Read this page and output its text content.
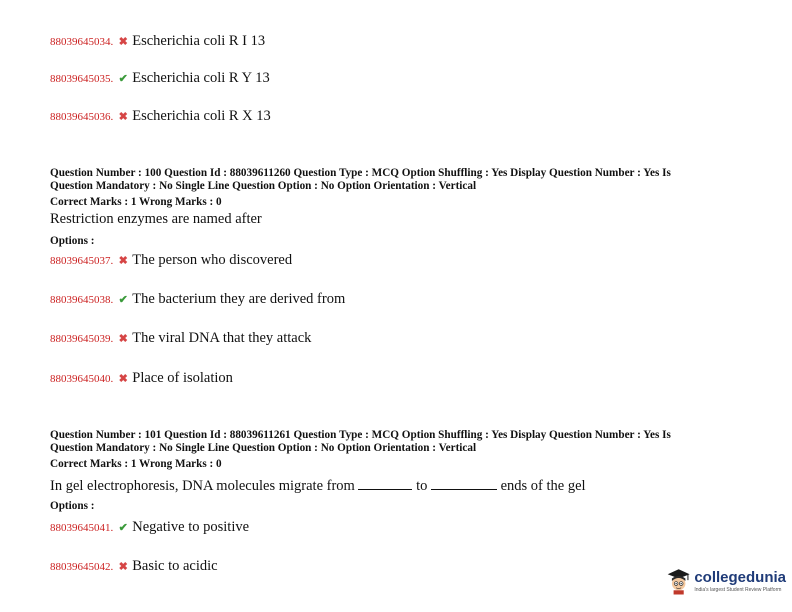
88039645034. ✖ Escherichia coli R I 13
88039645035. ✔ Escherichia coli R Y 13
88039645036. ✖ Escherichia coli R X 13
Question Number : 100 Question Id : 88039611260 Question Type : MCQ Option Shuffling : Yes Display Question Number : Yes Is
Question Mandatory : No Single Line Question Option : No Option Orientation : Vertical
Correct Marks : 1 Wrong Marks : 0
Restriction enzymes are named after
Options :
88039645037. ✖ The person who discovered
88039645038. ✔ The bacterium they are derived from
88039645039. ✖ The viral DNA that they attack
88039645040. ✖ Place of isolation
Question Number : 101 Question Id : 88039611261 Question Type : MCQ Option Shuffling : Yes Display Question Number : Yes Is
Question Mandatory : No Single Line Question Option : No Option Orientation : Vertical
Correct Marks : 1 Wrong Marks : 0
In gel electrophoresis, DNA molecules migrate from	to	ends of the gel
Options :
88039645041. ✔ Negative to positive
88039645042. ✖ Basic to acidic
collegedunia
India's largest Student Review Platform
